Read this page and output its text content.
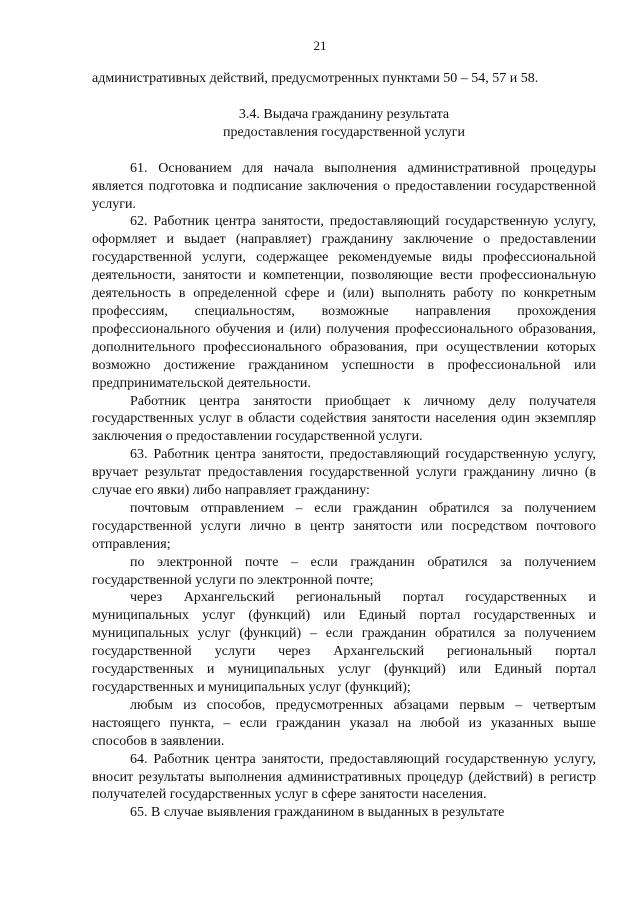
21

административных действий, предусмотренных пунктами 50 – 54, 57 и 58.

3.4. Выдача гражданину результата
предоставления государственной услуги

61. Основанием для начала выполнения административной процедуры является подготовка и подписание заключения о предоставлении государственной услуги.

62. Работник центра занятости, предоставляющий государственную услугу, оформляет и выдает (направляет) гражданину заключение о предоставлении государственной услуги, содержащее рекомендуемые виды профессиональной деятельности, занятости и компетенции, позволяющие вести профессиональную деятельность в определенной сфере и (или) выполнять работу по конкретным профессиям, специальностям, возможные направления прохождения профессионального обучения и (или) получения профессионального образования, дополнительного профессионального образования, при осуществлении которых возможно достижение гражданином успешности в профессиональной или предпринимательской деятельности.

Работник центра занятости приобщает к личному делу получателя государственных услуг в области содействия занятости населения один экземпляр заключения о предоставлении государственной услуги.

63. Работник центра занятости, предоставляющий государственную услугу, вручает результат предоставления государственной услуги гражданину лично (в случае его явки) либо направляет гражданину:

почтовым отправлением – если гражданин обратился за получением государственной услуги лично в центр занятости или посредством почтового отправления;

по электронной почте – если гражданин обратился за получением государственной услуги по электронной почте;

через Архангельский региональный портал государственных и муниципальных услуг (функций) или Единый портал государственных и муниципальных услуг (функций) – если гражданин обратился за получением государственной услуги через Архангельский региональный портал государственных и муниципальных услуг (функций) или Единый портал государственных и муниципальных услуг (функций);

любым из способов, предусмотренных абзацами первым – четвертым настоящего пункта, – если гражданин указал на любой из указанных выше способов в заявлении.

64. Работник центра занятости, предоставляющий государственную услугу, вносит результаты выполнения административных процедур (действий) в регистр получателей государственных услуг в сфере занятости населения.

65. В случае выявления гражданином в выданных в результате
